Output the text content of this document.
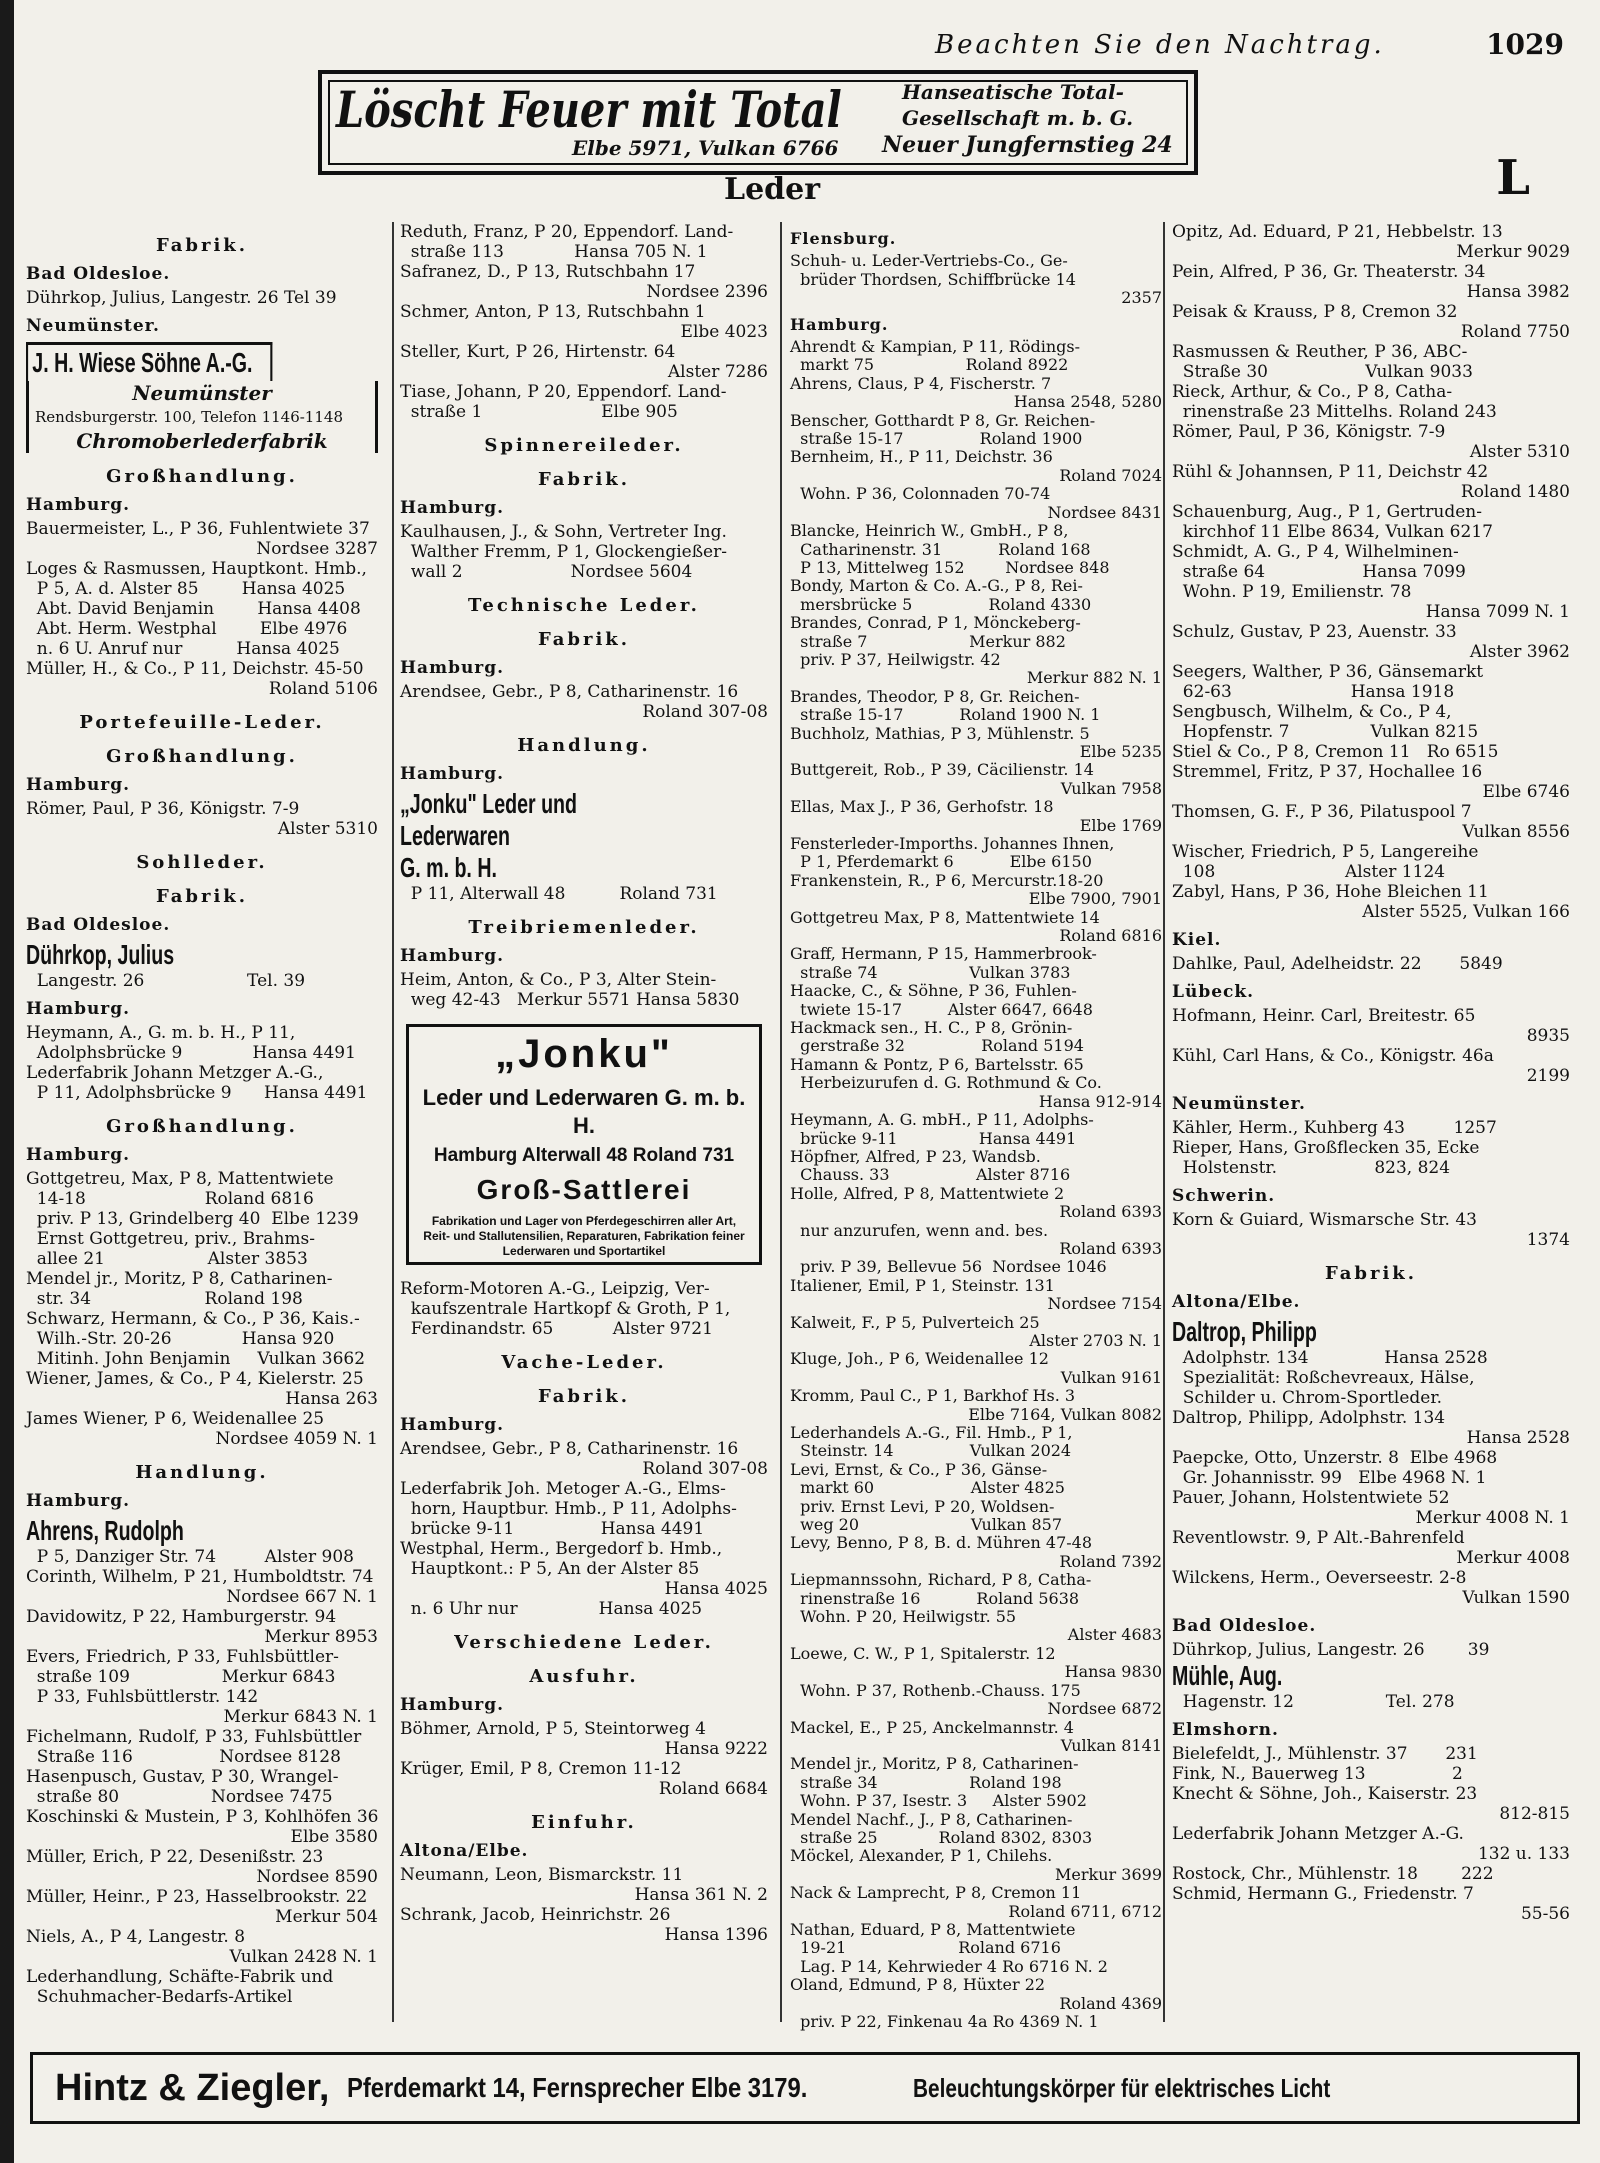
Beachten Sie den Nachtrag.	1029
Löscht Feuer mit Total
Elbe 5971, Vulkan 6766
Hanseatische Total-
Gesellschaft m. b. G.
Neuer Jungfernstieg 24
Leder	L

Fabrik.

Bad Oldesloe.

Dührkop, Julius, Langestr. 26 Tel 39

Neumünster.

J. H. Wiese Söhne A.-G.

Neumünster

Rendsburgerstr. 100, Telefon 1146-1148

Chromoberlederfabrik

Großhandlung.

Hamburg.

Bauermeister, L., P 36, Fuhlentwiete 37

Nordsee 3287

Loges & Rasmussen, Hauptkont. Hmb.,

P 5, A. d. Alster 85        Hansa 4025

Abt. David Benjamin        Hansa 4408

Abt. Herm. Westphal        Elbe 4976

n. 6 U. Anruf nur          Hansa 4025

Müller, H., & Co., P 11, Deichstr. 45-50

Roland 5106

Portefeuille-Leder.

Großhandlung.

Hamburg.

Römer, Paul, P 36, Königstr. 7-9

Alster 5310

Sohlleder.

Fabrik.

Bad Oldesloe.

Dührkop, Julius

Langestr. 26                   Tel. 39

Hamburg.

Heymann, A., G. m. b. H., P 11,

Adolphsbrücke 9             Hansa 4491

Lederfabrik Johann Metzger A.-G.,

P 11, Adolphsbrücke 9      Hansa 4491

Großhandlung.

Hamburg.

Gottgetreu, Max, P 8, Mattentwiete

14-18                      Roland 6816

priv. P 13, Grindelberg 40  Elbe 1239

Ernst Gottgetreu, priv., Brahms-

allee 21                   Alster 3853

Mendel jr., Moritz, P 8, Catharinen-

str. 34                     Roland 198

Schwarz, Hermann, & Co., P 36, Kais.-

Wilh.-Str. 20-26             Hansa 920

Mitinh. John Benjamin     Vulkan 3662

Wiener, James, & Co., P 4, Kielerstr. 25

Hansa 263

James Wiener, P 6, Weidenallee 25

Nordsee 4059 N. 1

Handlung.

Hamburg.

Ahrens, Rudolph

P 5, Danziger Str. 74         Alster 908

Corinth, Wilhelm, P 21, Humboldtstr. 74

Nordsee 667 N. 1

Davidowitz, P 22, Hamburgerstr. 94

Merkur 8953

Evers, Friedrich, P 33, Fuhlsbüttler-

straße 109                 Merkur 6843

P 33, Fuhlsbüttlerstr. 142

Merkur 6843 N. 1

Fichelmann, Rudolf, P 33, Fuhlsbüttler

Straße 116                Nordsee 8128

Hasenpusch, Gustav, P 30, Wrangel-

straße 80                 Nordsee 7475

Koschinski & Mustein, P 3, Kohlhöfen 36

Elbe 3580

Müller, Erich, P 22, Desenißstr. 23

Nordsee 8590

Müller, Heinr., P 23, Hasselbrookstr. 22

Merkur 504

Niels, A., P 4, Langestr. 8

Vulkan 2428 N. 1

Lederhandlung, Schäfte-Fabrik und

Schuhmacher-Bedarfs-Artikel

Reduth, Franz, P 20, Eppendorf. Land-

straße 113             Hansa 705 N. 1

Safranez, D., P 13, Rutschbahn 17

Nordsee 2396

Schmer, Anton, P 13, Rutschbahn 1

Elbe 4023

Steller, Kurt, P 26, Hirtenstr. 64

Alster 7286

Tiase, Johann, P 20, Eppendorf. Land-

straße 1                      Elbe 905

Spinnereileder.

Fabrik.

Hamburg.

Kaulhausen, J., & Sohn, Vertreter Ing.

Walther Fremm, P 1, Glockengießer-

wall 2                    Nordsee 5604

Technische Leder.

Fabrik.

Hamburg.

Arendsee, Gebr., P 8, Catharinenstr. 16

Roland 307-08

Handlung.

Hamburg.

„Jonku" Leder und Lederwaren

G. m. b. H.

P 11, Alterwall 48          Roland 731

Treibriemenleder.

Hamburg.

Heim, Anton, & Co., P 3, Alter Stein-

weg 42-43   Merkur 5571 Hansa 5830

„Jonku"

Leder und Lederwaren G. m. b. H.

Hamburg Alterwall 48 Roland 731

Groß-Sattlerei

Fabrikation und Lager von Pferdegeschirren aller Art, Reit- und Stallutensilien, Reparaturen, Fabrikation feiner Lederwaren und Sportartikel

Reform-Motoren A.-G., Leipzig, Ver-

kaufszentrale Hartkopf & Groth, P 1,

Ferdinandstr. 65           Alster 9721

Vache-Leder.

Fabrik.

Hamburg.

Arendsee, Gebr., P 8, Catharinenstr. 16

Roland 307-08

Lederfabrik Joh. Metoger A.-G., Elms-

horn, Hauptbur. Hmb., P 11, Adolphs-

brücke 9-11                Hansa 4491

Westphal, Herm., Bergedorf b. Hmb.,

Hauptkont.: P 5, An der Alster 85

Hansa 4025

n. 6 Uhr nur               Hansa 4025

Verschiedene Leder.

Ausfuhr.

Hamburg.

Böhmer, Arnold, P 5, Steintorweg 4

Hansa 9222

Krüger, Emil, P 8, Cremon 11-12

Roland 6684

Einfuhr.

Altona/Elbe.

Neumann, Leon, Bismarckstr. 11

Hansa 361 N. 2

Schrank, Jacob, Heinrichstr. 26

Hansa 1396

Flensburg.

Schuh- u. Leder-Vertriebs-Co., Ge-

brüder Thordsen, Schiffbrücke 14

2357

Hamburg.

Ahrendt & Kampian, P 11, Rödings-

markt 75                  Roland 8922

Ahrens, Claus, P 4, Fischerstr. 7

Hansa 2548, 5280

Benscher, Gotthardt P 8, Gr. Reichen-

straße 15-17               Roland 1900

Bernheim, H., P 11, Deichstr. 36

Roland 7024

Wohn. P 36, Colonnaden 70-74

Nordsee 8431

Blancke, Heinrich W., GmbH., P 8,

Catharinenstr. 31           Roland 168

P 13, Mittelweg 152        Nordsee 848

Bondy, Marton & Co. A.-G., P 8, Rei-

mersbrücke 5               Roland 4330

Brandes, Conrad, P 1, Mönckeberg-

straße 7                    Merkur 882

priv. P 37, Heilwigstr. 42

Merkur 882 N. 1

Brandes, Theodor, P 8, Gr. Reichen-

straße 15-17           Roland 1900 N. 1

Buchholz, Mathias, P 3, Mühlenstr. 5

Elbe 5235

Buttgereit, Rob., P 39, Cäcilienstr. 14

Vulkan 7958

Ellas, Max J., P 36, Gerhofstr. 18

Elbe 1769

Fensterleder-Imporths. Johannes Ihnen,

P 1, Pferdemarkt 6           Elbe 6150

Frankenstein, R., P 6, Mercurstr.18-20

Elbe 7900, 7901

Gottgetreu Max, P 8, Mattentwiete 14

Roland 6816

Graff, Hermann, P 15, Hammerbrook-

straße 74                  Vulkan 3783

Haacke, C., & Söhne, P 36, Fuhlen-

twiete 15-17         Alster 6647, 6648

Hackmack sen., H. C., P 8, Grönin-

gerstraße 32               Roland 5194

Hamann & Pontz, P 6, Bartelsstr. 65

Herbeizurufen d. G. Rothmund & Co.

Hansa 912-914

Heymann, A. G. mbH., P 11, Adolphs-

brücke 9-11                Hansa 4491

Höpfner, Alfred, P 23, Wandsb.

Chauss. 33                 Alster 8716

Holle, Alfred, P 8, Mattentwiete 2

Roland 6393

nur anzurufen, wenn and. bes.

Roland 6393

priv. P 39, Bellevue 56  Nordsee 1046

Italiener, Emil, P 1, Steinstr. 131

Nordsee 7154

Kalweit, F., P 5, Pulverteich 25

Alster 2703 N. 1

Kluge, Joh., P 6, Weidenallee 12

Vulkan 9161

Kromm, Paul C., P 1, Barkhof Hs. 3

Elbe 7164, Vulkan 8082

Lederhandels A.-G., Fil. Hmb., P 1,

Steinstr. 14               Vulkan 2024

Levi, Ernst, & Co., P 36, Gänse-

markt 60                   Alster 4825

priv. Ernst Levi, P 20, Woldsen-

weg 20                      Vulkan 857

Levy, Benno, P 8, B. d. Mühren 47-48

Roland 7392

Liepmannssohn, Richard, P 8, Catha-

rinenstraße 16           Roland 5638

Wohn. P 20, Heilwigstr. 55

Alster 4683

Loewe, C. W., P 1, Spitalerstr. 12

Hansa 9830

Wohn. P 37, Rothenb.-Chauss. 175

Nordsee 6872

Mackel, E., P 25, Anckelmannstr. 4

Vulkan 8141

Mendel jr., Moritz, P 8, Catharinen-

straße 34                  Roland 198

Wohn. P 37, Isestr. 3     Alster 5902

Mendel Nachf., J., P 8, Catharinen-

straße 25            Roland 8302, 8303

Möckel, Alexander, P 1, Chilehs.

Merkur 3699

Nack & Lamprecht, P 8, Cremon 11

Roland 6711, 6712

Nathan, Eduard, P 8, Mattentwiete

19-21                      Roland 6716

Lag. P 14, Kehrwieder 4 Ro 6716 N. 2

Oland, Edmund, P 8, Hüxter 22

Roland 4369

priv. P 22, Finkenau 4a Ro 4369 N. 1

Opitz, Ad. Eduard, P 21, Hebbelstr. 13

Merkur 9029

Pein, Alfred, P 36, Gr. Theaterstr. 34

Hansa 3982

Peisak & Krauss, P 8, Cremon 32

Roland 7750

Rasmussen & Reuther, P 36, ABC-

Straße 30                  Vulkan 9033

Rieck, Arthur, & Co., P 8, Catha-

rinenstraße 23 Mittelhs. Roland 243

Römer, Paul, P 36, Königstr. 7-9

Alster 5310

Rühl & Johannsen, P 11, Deichstr 42

Roland 1480

Schauenburg, Aug., P 1, Gertruden-

kirchhof 11 Elbe 8634, Vulkan 6217

Schmidt, A. G., P 4, Wilhelminen-

straße 64                  Hansa 7099

Wohn. P 19, Emilienstr. 78

Hansa 7099 N. 1

Schulz, Gustav, P 23, Auenstr. 33

Alster 3962

Seegers, Walther, P 36, Gänsemarkt

62-63                      Hansa 1918

Sengbusch, Wilhelm, & Co., P 4,

Hopfenstr. 7               Vulkan 8215

Stiel & Co., P 8, Cremon 11   Ro 6515

Stremmel, Fritz, P 37, Hochallee 16

Elbe 6746

Thomsen, G. F., P 36, Pilatuspool 7

Vulkan 8556

Wischer, Friedrich, P 5, Langereihe

108                        Alster 1124

Zabyl, Hans, P 36, Hohe Bleichen 11

Alster 5525, Vulkan 166

Kiel.

Dahlke, Paul, Adelheidstr. 22       5849

Lübeck.

Hofmann, Heinr. Carl, Breitestr. 65

8935

Kühl, Carl Hans, & Co., Königstr. 46a

2199

Neumünster.

Kähler, Herm., Kuhberg 43         1257

Rieper, Hans, Großflecken 35, Ecke

Holstenstr.                  823, 824

Schwerin.

Korn & Guiard, Wismarsche Str. 43

1374

Fabrik.

Altona/Elbe.

Daltrop, Philipp

Adolphstr. 134              Hansa 2528

Spezialität: Roßchevreaux, Hälse,

Schilder u. Chrom-Sportleder.

Daltrop, Philipp, Adolphstr. 134

Hansa 2528

Paepcke, Otto, Unzerstr. 8  Elbe 4968

Gr. Johannisstr. 99   Elbe 4968 N. 1

Pauer, Johann, Holstentwiete 52

Merkur 4008 N. 1

Reventlowstr. 9, P Alt.-Bahrenfeld

Merkur 4008

Wilckens, Herm., Oeverseestr. 2-8

Vulkan 1590

Bad Oldesloe.

Dührkop, Julius, Langestr. 26        39

Mühle, Aug.

Hagenstr. 12                 Tel. 278

Elmshorn.

Bielefeldt, J., Mühlenstr. 37       231

Fink, N., Bauerweg 13                2

Knecht & Söhne, Joh., Kaiserstr. 23

812-815

Lederfabrik Johann Metzger A.-G.

132 u. 133

Rostock, Chr., Mühlenstr. 18        222

Schmid, Hermann G., Friedenstr. 7

55-56

Hintz & Ziegler, Pferdemarkt 14, Fernsprecher Elbe 3179.	Beleuchtungskörper für elektrisches Licht
